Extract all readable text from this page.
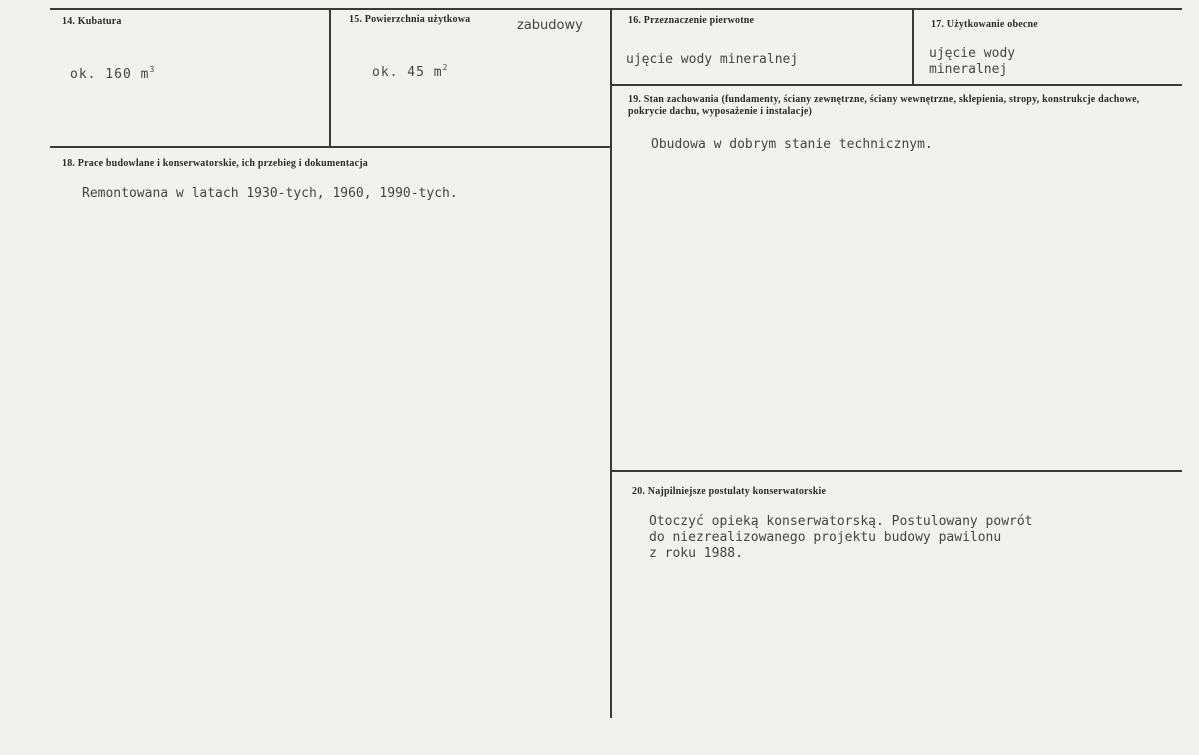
14. Kubatura
ok. 160 $m^3$
15. Powierzchnia użytkowa	zabudowy
ok. 45 $m^2$
16. Przeznaczenie pierwotne
ujęcie wody mineralnej
17. Użytkowanie obecne
ujęcie wody
mineralnej
18. Prace budowlane i konserwatorskie, ich przebieg i dokumentacja
Remontowana w latach 1930-tych, 1960, 1990-tych.
19. Stan zachowania (fundamenty, ściany zewnętrzne, ściany wewnętrzne, sklepienia, stropy, konstrukcje dachowe, pokrycie dachu, wyposażenie i instalacje)
Obudowa w dobrym stanie technicznym.
20. Najpilniejsze postulaty konserwatorskie
Otoczyć opieką konserwatorską. Postulowany powrót
do niezrealizowanego projektu budowy pawilonu
z roku 1988.
